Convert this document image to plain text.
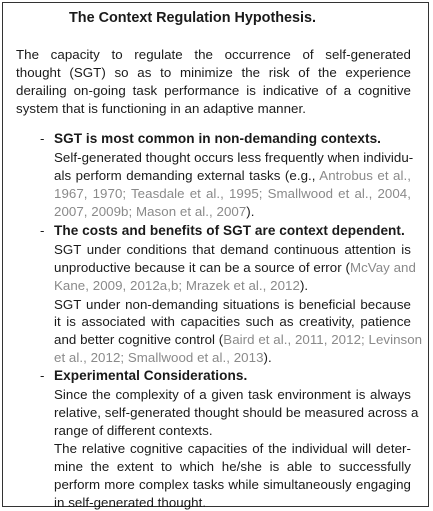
The Context Regulation Hypothesis.
The capacity to regulate the occurrence of self-generated
thought (SGT) so as to minimize the risk of the experience
derailing on-going task performance is indicative of a cognitive
system that is functioning in an adaptive manner.
- SGT is most common in non-demanding contexts.
Self-generated thought occurs less frequently when individu-
als perform demanding external tasks (e.g., Antrobus et al.,
1967, 1970; Teasdale et al., 1995; Smallwood et al., 2004,
2007, 2009b; Mason et al., 2007).
- The costs and benefits of SGT are context dependent.
SGT under conditions that demand continuous attention is
unproductive because it can be a source of error (McVay and
Kane, 2009, 2012a,b; Mrazek et al., 2012).
SGT under non-demanding situations is beneficial because
it is associated with capacities such as creativity, patience
and better cognitive control (Baird et al., 2011, 2012; Levinson
et al., 2012; Smallwood et al., 2013).
- Experimental Considerations.
Since the complexity of a given task environment is always
relative, self-generated thought should be measured across a
range of different contexts.
The relative cognitive capacities of the individual will deter-
mine the extent to which he/she is able to successfully
perform more complex tasks while simultaneously engaging
in self-generated thought.
